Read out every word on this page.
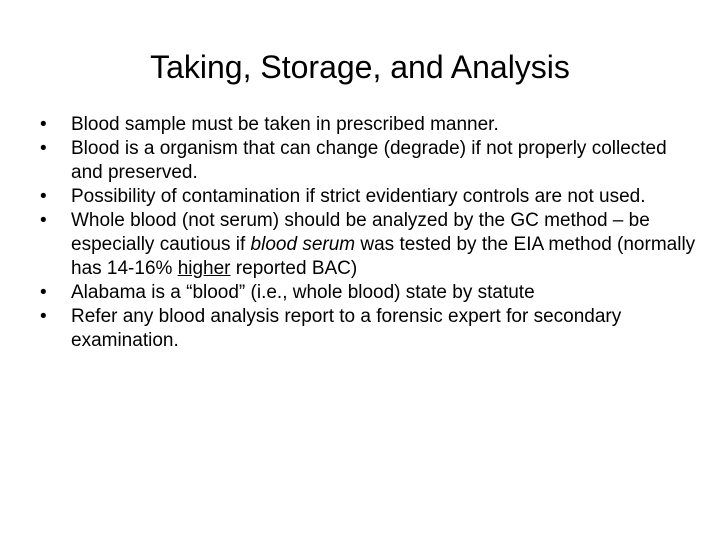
Taking, Storage, and Analysis
• Blood sample must be taken in prescribed manner.
• Blood is a organism that can change (degrade) if not properly collected and preserved.
• Possibility of contamination if strict evidentiary controls are not used.
• Whole blood (not serum) should be analyzed by the GC method – be especially cautious if blood serum was tested by the EIA method (normally has 14-16% higher reported BAC)
• Alabama is a “blood” (i.e., whole blood) state by statute
• Refer any blood analysis report to a forensic expert for secondary examination.
